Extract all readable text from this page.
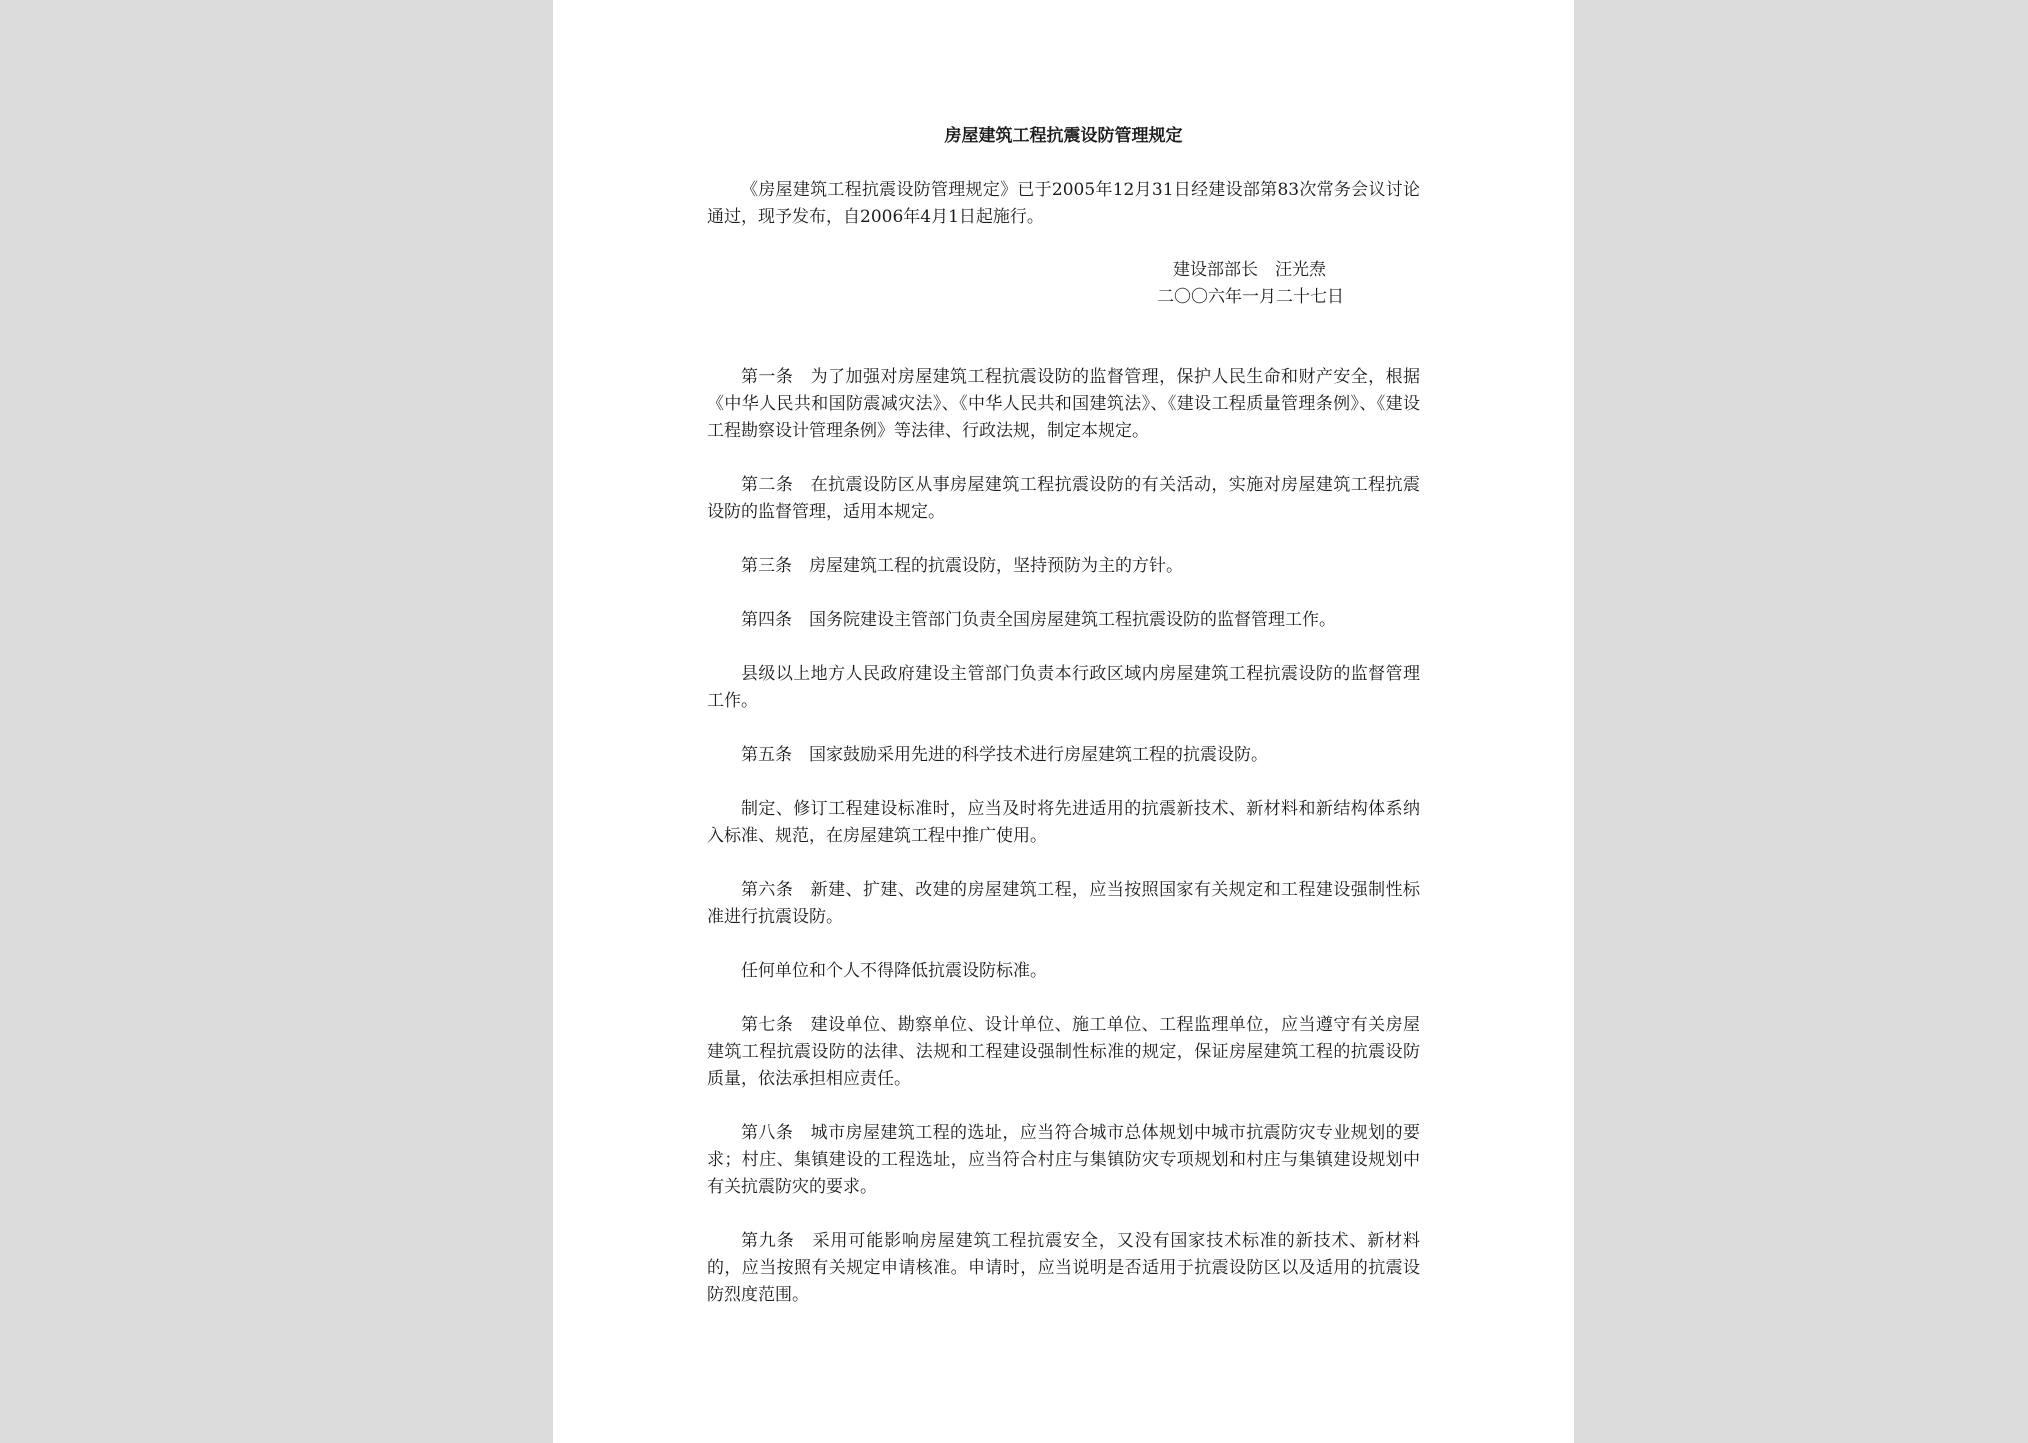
房屋建筑工程抗震设防管理规定

《房屋建筑工程抗震设防管理规定》已于2005年12月31日经建设部第83次常务会议讨论通过，现予发布，自2006年4月1日起施行。

建设部部长　汪光焘
二〇〇六年一月二十七日

第一条　为了加强对房屋建筑工程抗震设防的监督管理，保护人民生命和财产安全，根据《中华人民共和国防震减灾法》、《中华人民共和国建筑法》、《建设工程质量管理条例》、《建设工程勘察设计管理条例》等法律、行政法规，制定本规定。

第二条　在抗震设防区从事房屋建筑工程抗震设防的有关活动，实施对房屋建筑工程抗震设防的监督管理，适用本规定。

第三条　房屋建筑工程的抗震设防，坚持预防为主的方针。

第四条　国务院建设主管部门负责全国房屋建筑工程抗震设防的监督管理工作。

县级以上地方人民政府建设主管部门负责本行政区域内房屋建筑工程抗震设防的监督管理工作。

第五条　国家鼓励采用先进的科学技术进行房屋建筑工程的抗震设防。

制定、修订工程建设标准时，应当及时将先进适用的抗震新技术、新材料和新结构体系纳入标准、规范，在房屋建筑工程中推广使用。

第六条　新建、扩建、改建的房屋建筑工程，应当按照国家有关规定和工程建设强制性标准进行抗震设防。

任何单位和个人不得降低抗震设防标准。

第七条　建设单位、勘察单位、设计单位、施工单位、工程监理单位，应当遵守有关房屋建筑工程抗震设防的法律、法规和工程建设强制性标准的规定，保证房屋建筑工程的抗震设防质量，依法承担相应责任。

第八条　城市房屋建筑工程的选址，应当符合城市总体规划中城市抗震防灾专业规划的要求；村庄、集镇建设的工程选址，应当符合村庄与集镇防灾专项规划和村庄与集镇建设规划中有关抗震防灾的要求。

第九条　采用可能影响房屋建筑工程抗震安全，又没有国家技术标准的新技术、新材料的，应当按照有关规定申请核准。申请时，应当说明是否适用于抗震设防区以及适用的抗震设防烈度范围。
